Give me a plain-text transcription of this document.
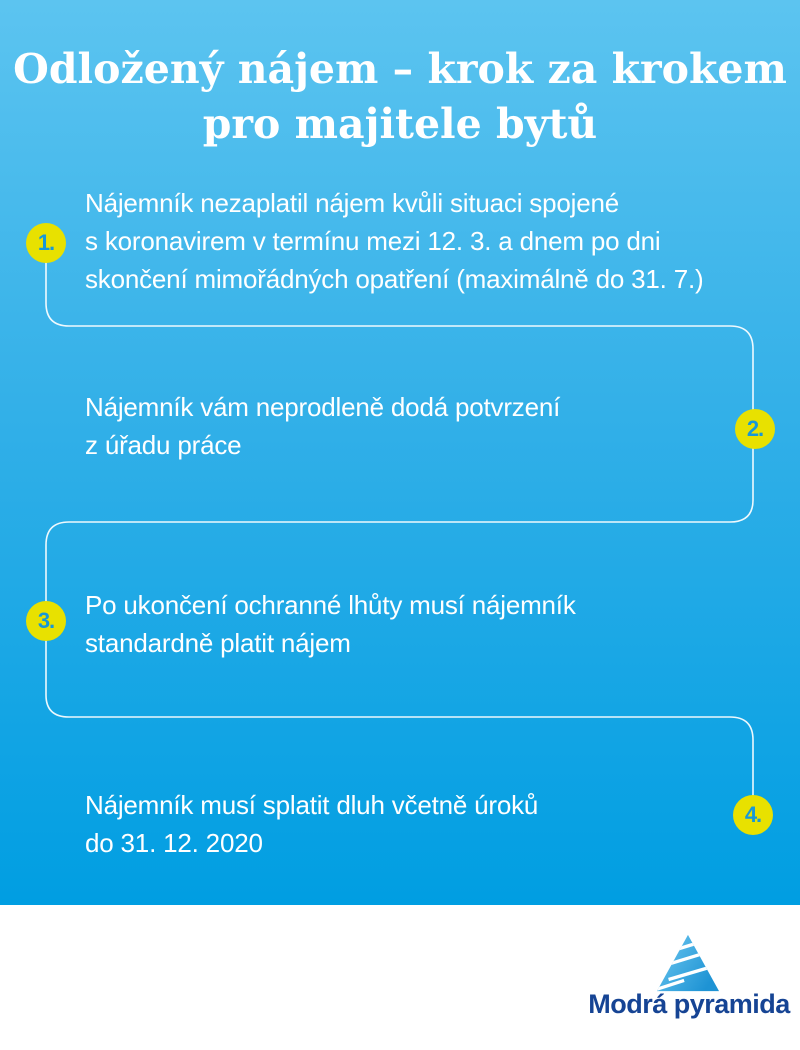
Odložený nájem – krok za krokem
pro majitele bytů
Nájemník nezaplatil nájem kvůli situaci spojené
s koronavirem v termínu mezi 12. 3. a dnem po dni
skončení mimořádných opatření (maximálně do 31. 7.)
Nájemník vám neprodleně dodá potvrzení
z úřadu práce
Po ukončení ochranné lhůty musí nájemník
standardně platit nájem
Nájemník musí splatit dluh včetně úroků
do 31. 12. 2020
1.
2.
3.
4.
Modrá pyramida
